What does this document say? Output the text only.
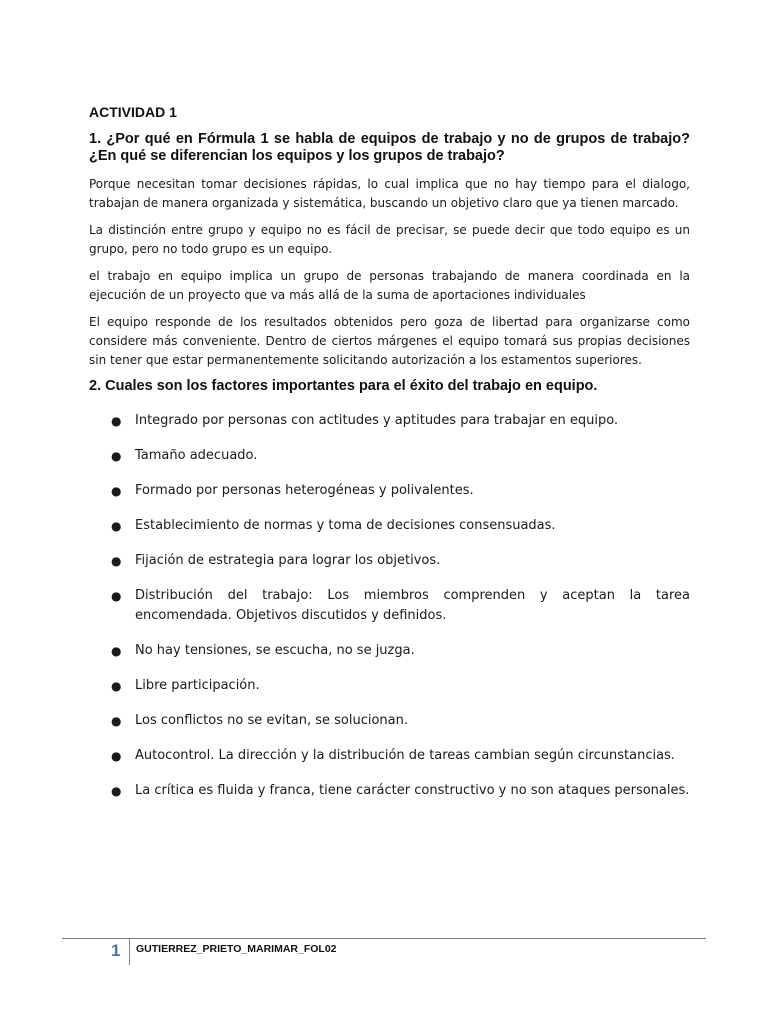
ACTIVIDAD 1

1. ¿Por qué en Fórmula 1 se habla de equipos de trabajo y no de grupos de trabajo? ¿En qué se diferencian los equipos y los grupos de trabajo?

Porque necesitan tomar decisiones rápidas, lo cual implica que no hay tiempo para el dialogo, trabajan de manera organizada y sistemática, buscando un objetivo claro que ya tienen marcado.

La distinción entre grupo y equipo no es fácil de precisar, se puede decir que todo equipo es un grupo, pero no todo grupo es un equipo.

el trabajo en equipo implica un grupo de personas trabajando de manera coordinada en la ejecución de un proyecto que va más allá de la suma de aportaciones individuales

El equipo responde de los resultados obtenidos pero goza de libertad para organizarse como considere más conveniente. Dentro de ciertos márgenes el equipo tomará sus propias decisiones sin tener que estar permanentemente solicitando autorización a los estamentos superiores.

2. Cuales son los factores importantes para el éxito del trabajo en equipo.

● Integrado por personas con actitudes y aptitudes para trabajar en equipo.
● Tamaño adecuado.
● Formado por personas heterogéneas y polivalentes.
● Establecimiento de normas y toma de decisiones consensuadas.
● Fijación de estrategia para lograr los objetivos.
● Distribución del trabajo: Los miembros comprenden y aceptan la tarea encomendada. Objetivos discutidos y definidos.
● No hay tensiones, se escucha, no se juzga.
● Libre participación.
● Los conflictos no se evitan, se solucionan.
● Autocontrol. La dirección y la distribución de tareas cambian según circunstancias.
● La crítica es fluida y franca, tiene carácter constructivo y no son ataques personales.
1 GUTIERREZ_PRIETO_MARIMAR_FOL02
